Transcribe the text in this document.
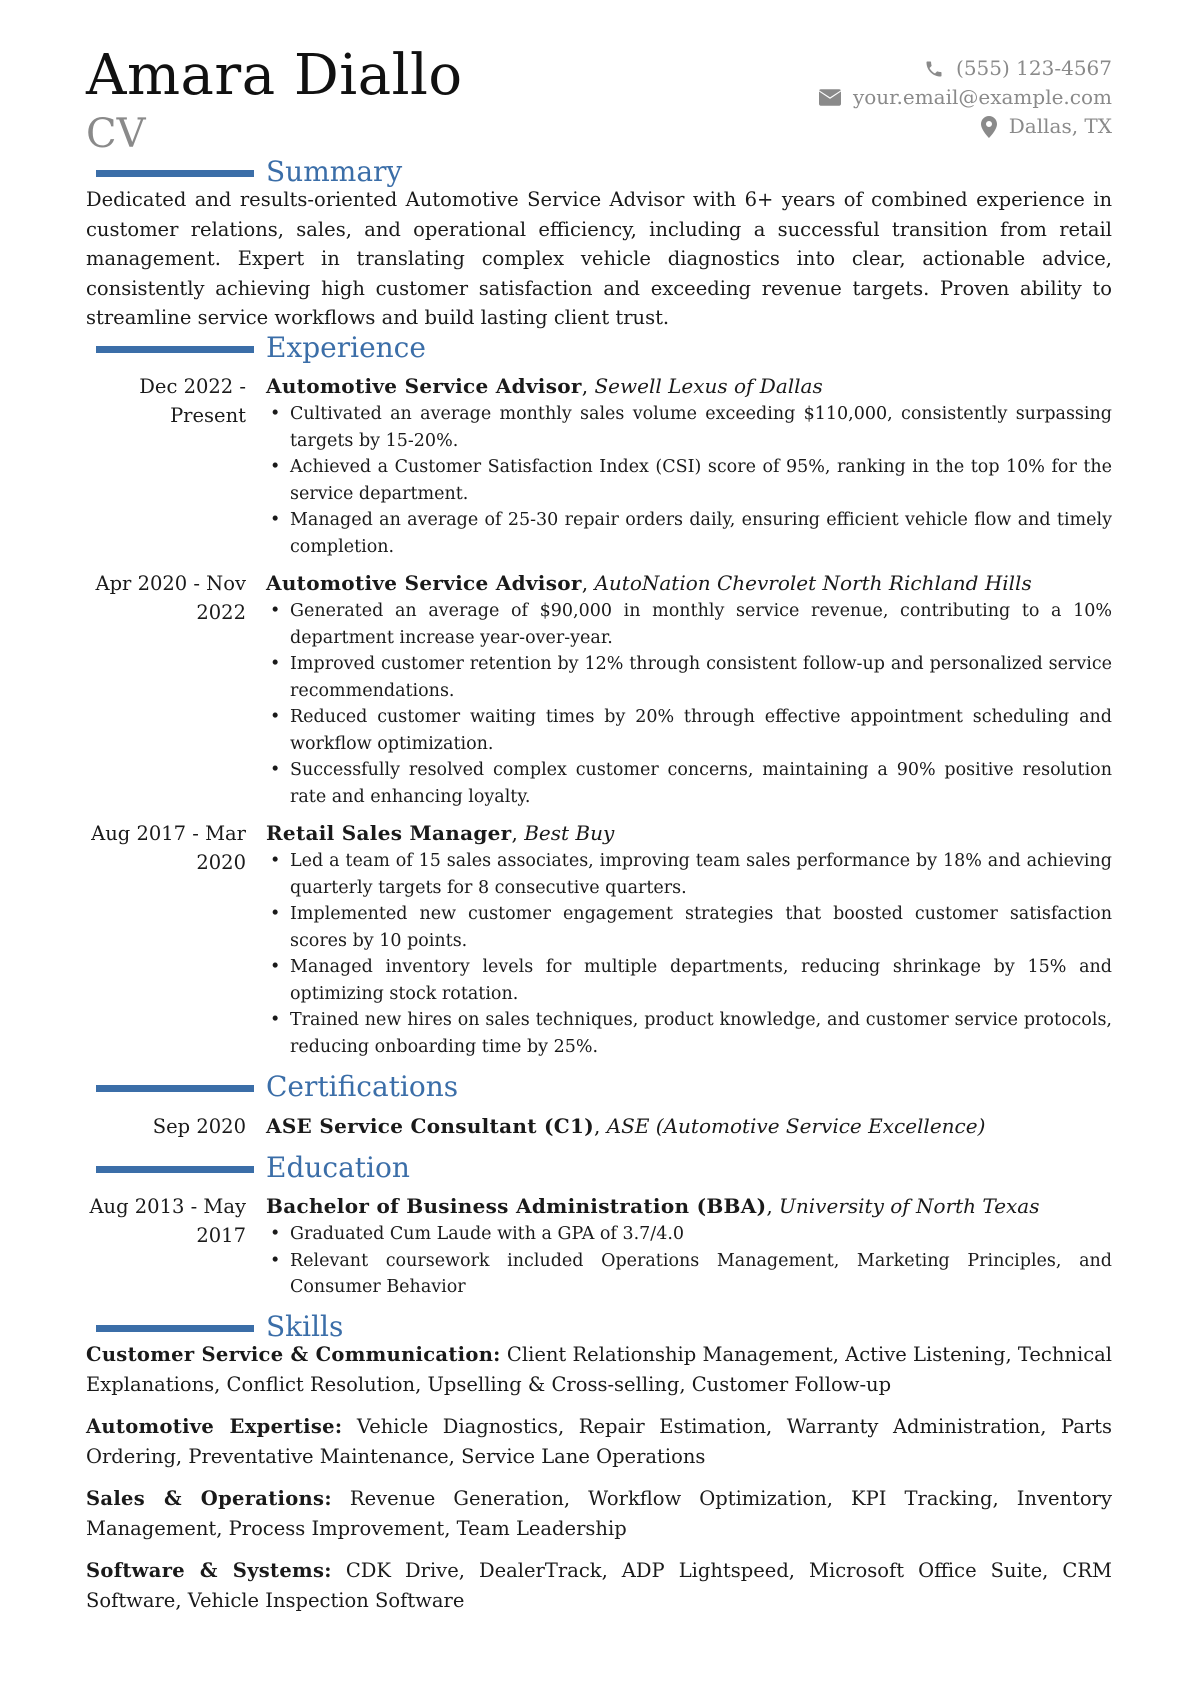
Amara Diallo
CV
(555) 123-4567
your.email@example.com
Dallas, TX
Summary
Dedicated and results-oriented Automotive Service Advisor with 6+ years of combined experience in customer relations, sales, and operational efficiency, including a successful transition from retail management. Expert in translating complex vehicle diagnostics into clear, actionable advice, consistently achieving high customer satisfaction and exceeding revenue targets. Proven ability to streamline service workflows and build lasting client trust.
Experience
Dec 2022 - Present
Automotive Service Advisor, Sewell Lexus of Dallas
• Cultivated an average monthly sales volume exceeding $110,000, consistently surpassing targets by 15-20%.
• Achieved a Customer Satisfaction Index (CSI) score of 95%, ranking in the top 10% for the service department.
• Managed an average of 25-30 repair orders daily, ensuring efficient vehicle flow and timely completion.
Apr 2020 - Nov 2022
Automotive Service Advisor, AutoNation Chevrolet North Richland Hills
• Generated an average of $90,000 in monthly service revenue, contributing to a 10% department increase year-over-year.
• Improved customer retention by 12% through consistent follow-up and personalized service recommendations.
• Reduced customer waiting times by 20% through effective appointment scheduling and workflow optimization.
• Successfully resolved complex customer concerns, maintaining a 90% positive resolution rate and enhancing loyalty.
Aug 2017 - Mar 2020
Retail Sales Manager, Best Buy
• Led a team of 15 sales associates, improving team sales performance by 18% and achieving quarterly targets for 8 consecutive quarters.
• Implemented new customer engagement strategies that boosted customer satisfaction scores by 10 points.
• Managed inventory levels for multiple departments, reducing shrinkage by 15% and optimizing stock rotation.
• Trained new hires on sales techniques, product knowledge, and customer service protocols, reducing onboarding time by 25%.
Certifications
Sep 2020 ASE Service Consultant (C1), ASE (Automotive Service Excellence)
Education
Aug 2013 - May 2017
Bachelor of Business Administration (BBA), University of North Texas
• Graduated Cum Laude with a GPA of 3.7/4.0
• Relevant coursework included Operations Management, Marketing Principles, and Consumer Behavior
Skills
Customer Service & Communication: Client Relationship Management, Active Listening, Technical Explanations, Conflict Resolution, Upselling & Cross-selling, Customer Follow-up
Automotive Expertise: Vehicle Diagnostics, Repair Estimation, Warranty Administration, Parts Ordering, Preventative Maintenance, Service Lane Operations
Sales & Operations: Revenue Generation, Workflow Optimization, KPI Tracking, Inventory Management, Process Improvement, Team Leadership
Software & Systems: CDK Drive, DealerTrack, ADP Lightspeed, Microsoft Office Suite, CRM Software, Vehicle Inspection Software
